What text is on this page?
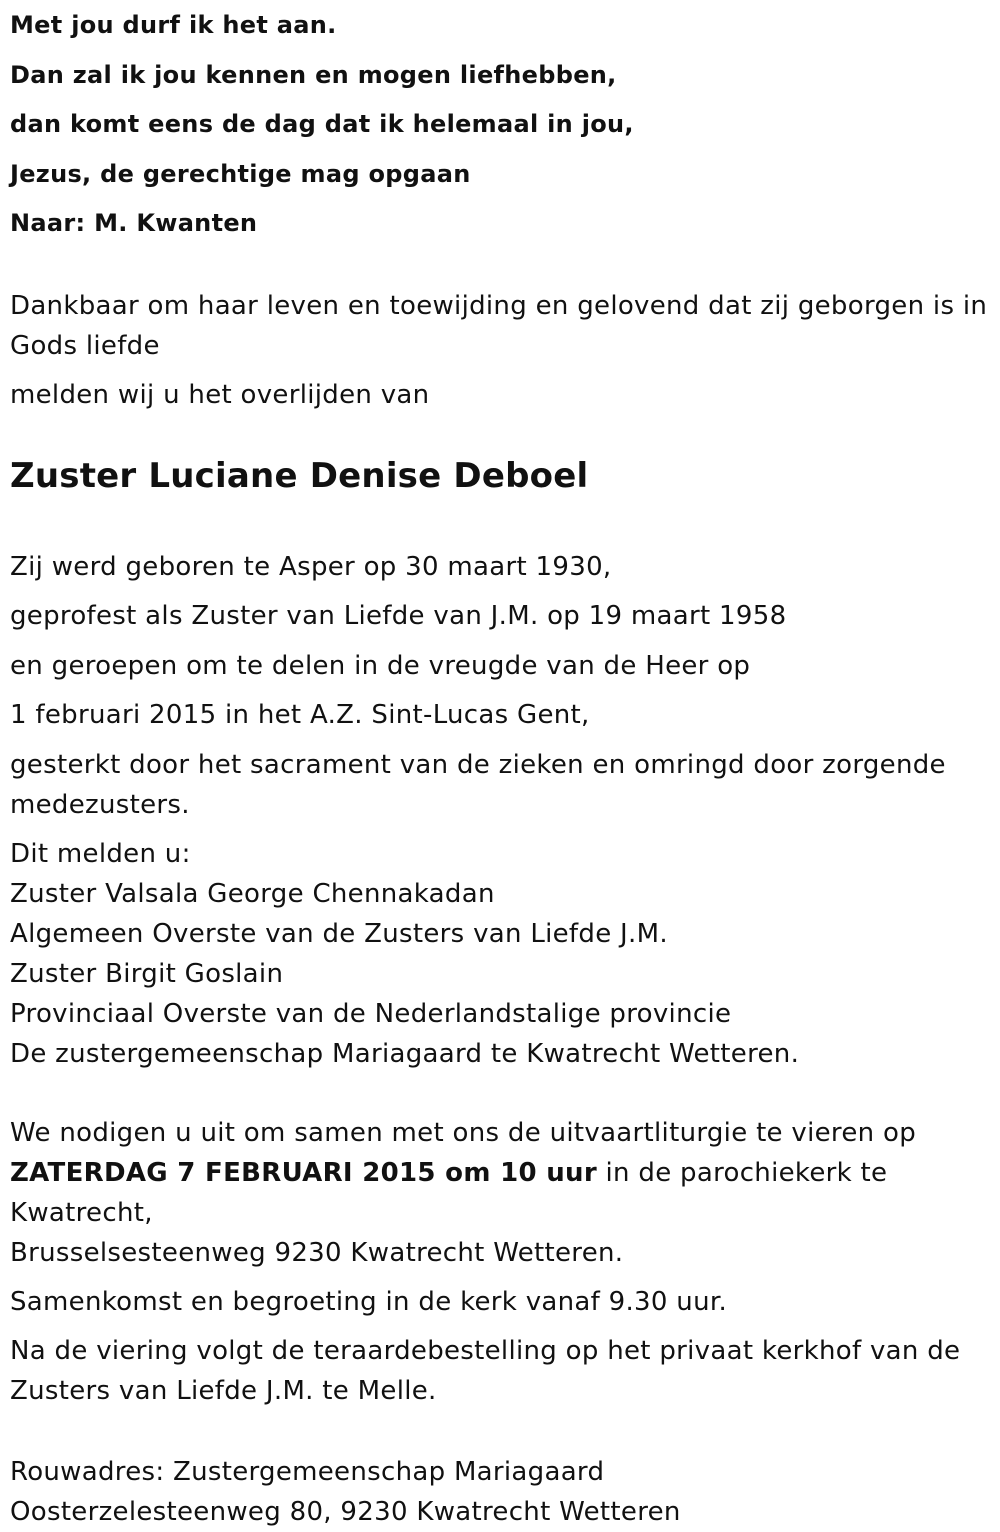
Met jou durf ik het aan.

Dan zal ik jou kennen en mogen liefhebben,

dan komt eens de dag dat ik helemaal in jou,

Jezus, de gerechtige mag opgaan

Naar: M. Kwanten

Dankbaar om haar leven en toewijding en gelovend dat zij geborgen is in Gods liefde

melden wij u het overlijden van

Zuster Luciane Denise Deboel

Zij werd geboren te Asper op 30 maart 1930,

geprofest als Zuster van Liefde van J.M. op 19 maart 1958

en geroepen om te delen in de vreugde van de Heer op

1 februari 2015 in het A.Z. Sint-Lucas Gent,

gesterkt door het sacrament van de zieken en omringd door zorgende medezusters.

Dit melden u:
Zuster Valsala George Chennakadan
Algemeen Overste van de Zusters van Liefde J.M.
Zuster Birgit Goslain
Provinciaal Overste van de Nederlandstalige provincie
De zustergemeenschap Mariagaard te Kwatrecht Wetteren.

We nodigen u uit om samen met ons de uitvaartliturgie te vieren op
ZATERDAG 7 FEBRUARI 2015 om 10 uur in de parochiekerk te Kwatrecht,
Brusselsesteenweg 9230 Kwatrecht Wetteren.

Samenkomst en begroeting in de kerk vanaf 9.30 uur.

Na de viering volgt de teraardebestelling op het privaat kerkhof van de Zusters van Liefde J.M. te Melle.

Rouwadres: Zustergemeenschap Mariagaard
Oosterzelesteenweg 80, 9230 Kwatrecht Wetteren
